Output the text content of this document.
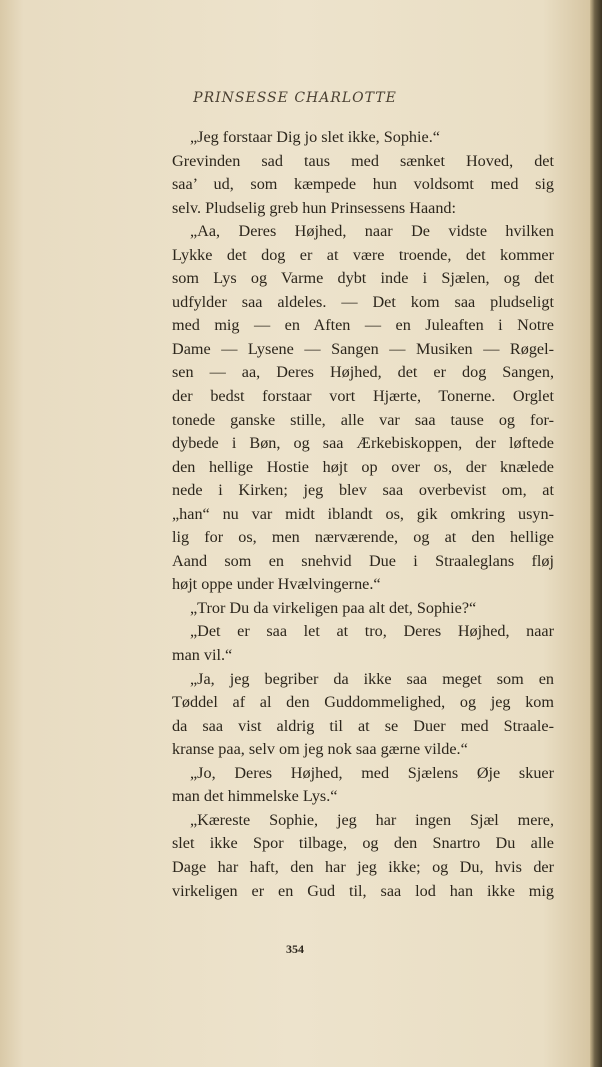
PRINSESSE CHARLOTTE
„Jeg forstaar Dig jo slet ikke, Sophie.“
Grevinden sad taus med sænket Hoved, det
saa’ ud, som kæmpede hun voldsomt med sig
selv. Pludselig greb hun Prinsessens Haand:
„Aa, Deres Højhed, naar De vidste hvilken
Lykke det dog er at være troende, det kommer
som Lys og Varme dybt inde i Sjælen, og det
udfylder saa aldeles. — Det kom saa pludseligt
med mig — en Aften — en Juleaften i Notre
Dame — Lysene — Sangen — Musiken — Røgel-
sen — aa, Deres Højhed, det er dog Sangen,
der bedst forstaar vort Hjærte, Tonerne. Orglet
tonede ganske stille, alle var saa tause og for-
dybede i Bøn, og saa Ærkebiskoppen, der løftede
den hellige Hostie højt op over os, der knælede
nede i Kirken; jeg blev saa overbevist om, at
„han“ nu var midt iblandt os, gik omkring usyn-
lig for os, men nærværende, og at den hellige
Aand som en snehvid Due i Straaleglans fløj
højt oppe under Hvælvingerne.“
„Tror Du da virkeligen paa alt det, Sophie?“
„Det er saa let at tro, Deres Højhed, naar
man vil.“
„Ja, jeg begriber da ikke saa meget som en
Tøddel af al den Guddommelighed, og jeg kom
da saa vist aldrig til at se Duer med Straale-
kranse paa, selv om jeg nok saa gærne vilde.“
„Jo, Deres Højhed, med Sjælens Øje skuer
man det himmelske Lys.“
„Kæreste Sophie, jeg har ingen Sjæl mere,
slet ikke Spor tilbage, og den Snartro Du alle
Dage har haft, den har jeg ikke; og Du, hvis der
virkeligen er en Gud til, saa lod han ikke mig
354
